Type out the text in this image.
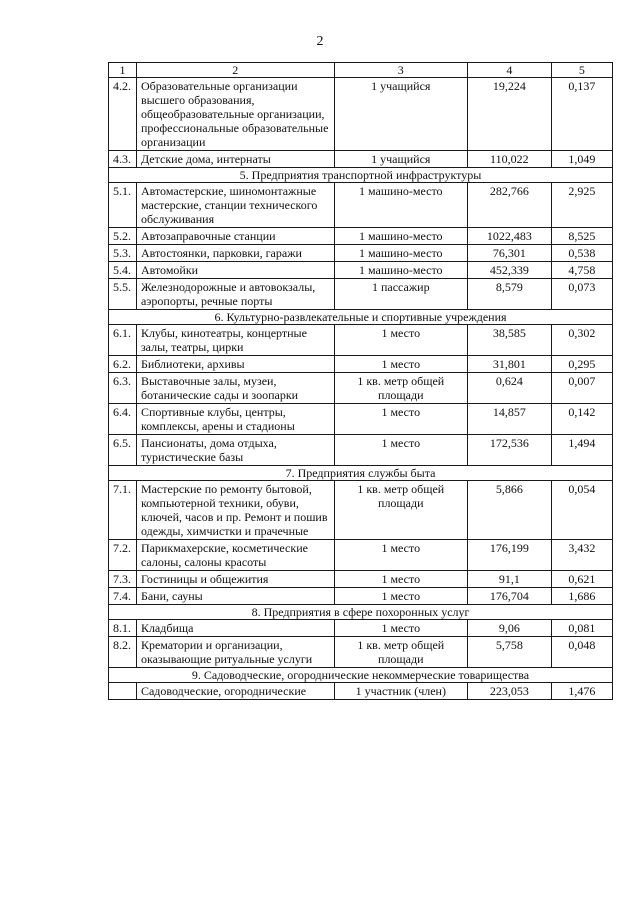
2
1	2	3	4	5
4.2.	Образовательные организации высшего образования, общеобразовательные организации, профессиональные образовательные организации	1 учащийся	19,224	0,137
4.3.	Детские дома, интернаты	1 учащийся	110,022	1,049
5. Предприятия транспортной инфраструктуры				
5.1.	Автомастерские, шиномонтажные мастерские, станции технического обслуживания	1 машино-место	282,766	2,925
5.2.	Автозаправочные станции	1 машино-место	1022,483	8,525
5.3.	Автостоянки, парковки, гаражи	1 машино-место	76,301	0,538
5.4.	Автомойки	1 машино-место	452,339	4,758
5.5.	Железнодорожные и автовокзалы, аэропорты, речные порты	1 пассажир	8,579	0,073
6. Культурно-развлекательные и спортивные учреждения				
6.1.	Клубы, кинотеатры, концертные залы, театры, цирки	1 место	38,585	0,302
6.2.	Библиотеки, архивы	1 место	31,801	0,295
6.3.	Выставочные залы, музеи, ботанические сады и зоопарки	1 кв. метр общей площади	0,624	0,007
6.4.	Спортивные клубы, центры, комплексы, арены и стадионы	1 место	14,857	0,142
6.5.	Пансионаты, дома отдыха, туристические базы	1 место	172,536	1,494
7. Предприятия службы быта				
7.1.	Мастерские по ремонту бытовой, компьютерной техники, обуви, ключей, часов и пр. Ремонт и пошив одежды, химчистки и прачечные	1 кв. метр общей площади	5,866	0,054
7.2.	Парикмахерские, косметические салоны, салоны красоты	1 место	176,199	3,432
7.3.	Гостиницы и общежития	1 место	91,1	0,621
7.4.	Бани, сауны	1 место	176,704	1,686
8. Предприятия в сфере похоронных услуг				
8.1.	Кладбища	1 место	9,06	0,081
8.2.	Крематории и организации, оказывающие ритуальные услуги	1 кв. метр общей площади	5,758	0,048
9. Садоводческие, огороднические некоммерческие товарищества				
	Садоводческие, огороднические	1 участник (член)	223,053	1,476
